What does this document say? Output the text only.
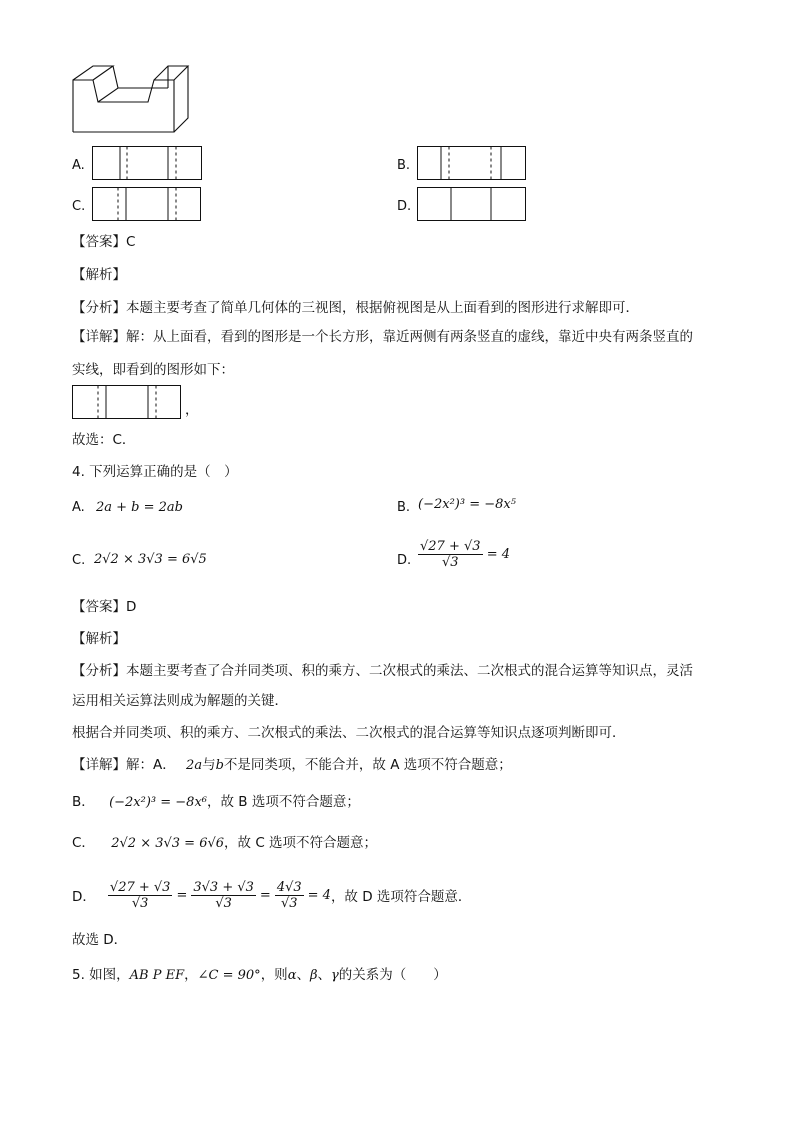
A.	B.
C.	D.
【答案】C
【解析】
【分析】本题主要考查了简单几何体的三视图，根据俯视图是从上面看到的图形进行求解即可．
【详解】解：从上面看，看到的图形是一个长方形，靠近两侧有两条竖直的虚线，靠近中央有两条竖直的
实线，即看到的图形如下：
，
故选：C．
4. 下列运算正确的是（　）
A. 2a + b = 2ab	B. (−2x²)³ = −8x⁵
C. 2√2 × 3√3 = 6√5	D. $\frac{√27 + √3}{√3} = 4$
【答案】D
【解析】
【分析】本题主要考查了合并同类项、积的乘方、二次根式的乘法、二次根式的混合运算等知识点，灵活
运用相关运算法则成为解题的关键．
根据合并同类项、积的乘方、二次根式的乘法、二次根式的混合运算等知识点逐项判断即可．
【详解】解：A． 2a与b不是同类项，不能合并，故 A 选项不符合题意；
B． (−2x²)³ = −8x⁶，故 B 选项不符合题意；
C． 2√2 × 3√3 = 6√6，故 C 选项不符合题意；
D． $\frac{√27 + √3}{√3} = \frac{3√3 + √3}{√3} = \frac{4√3}{√3} = 4$ ，故 D 选项符合题意．
故选 D．
5. 如图，AB P EF，∠C = 90°，则α、β、γ的关系为（　　）
